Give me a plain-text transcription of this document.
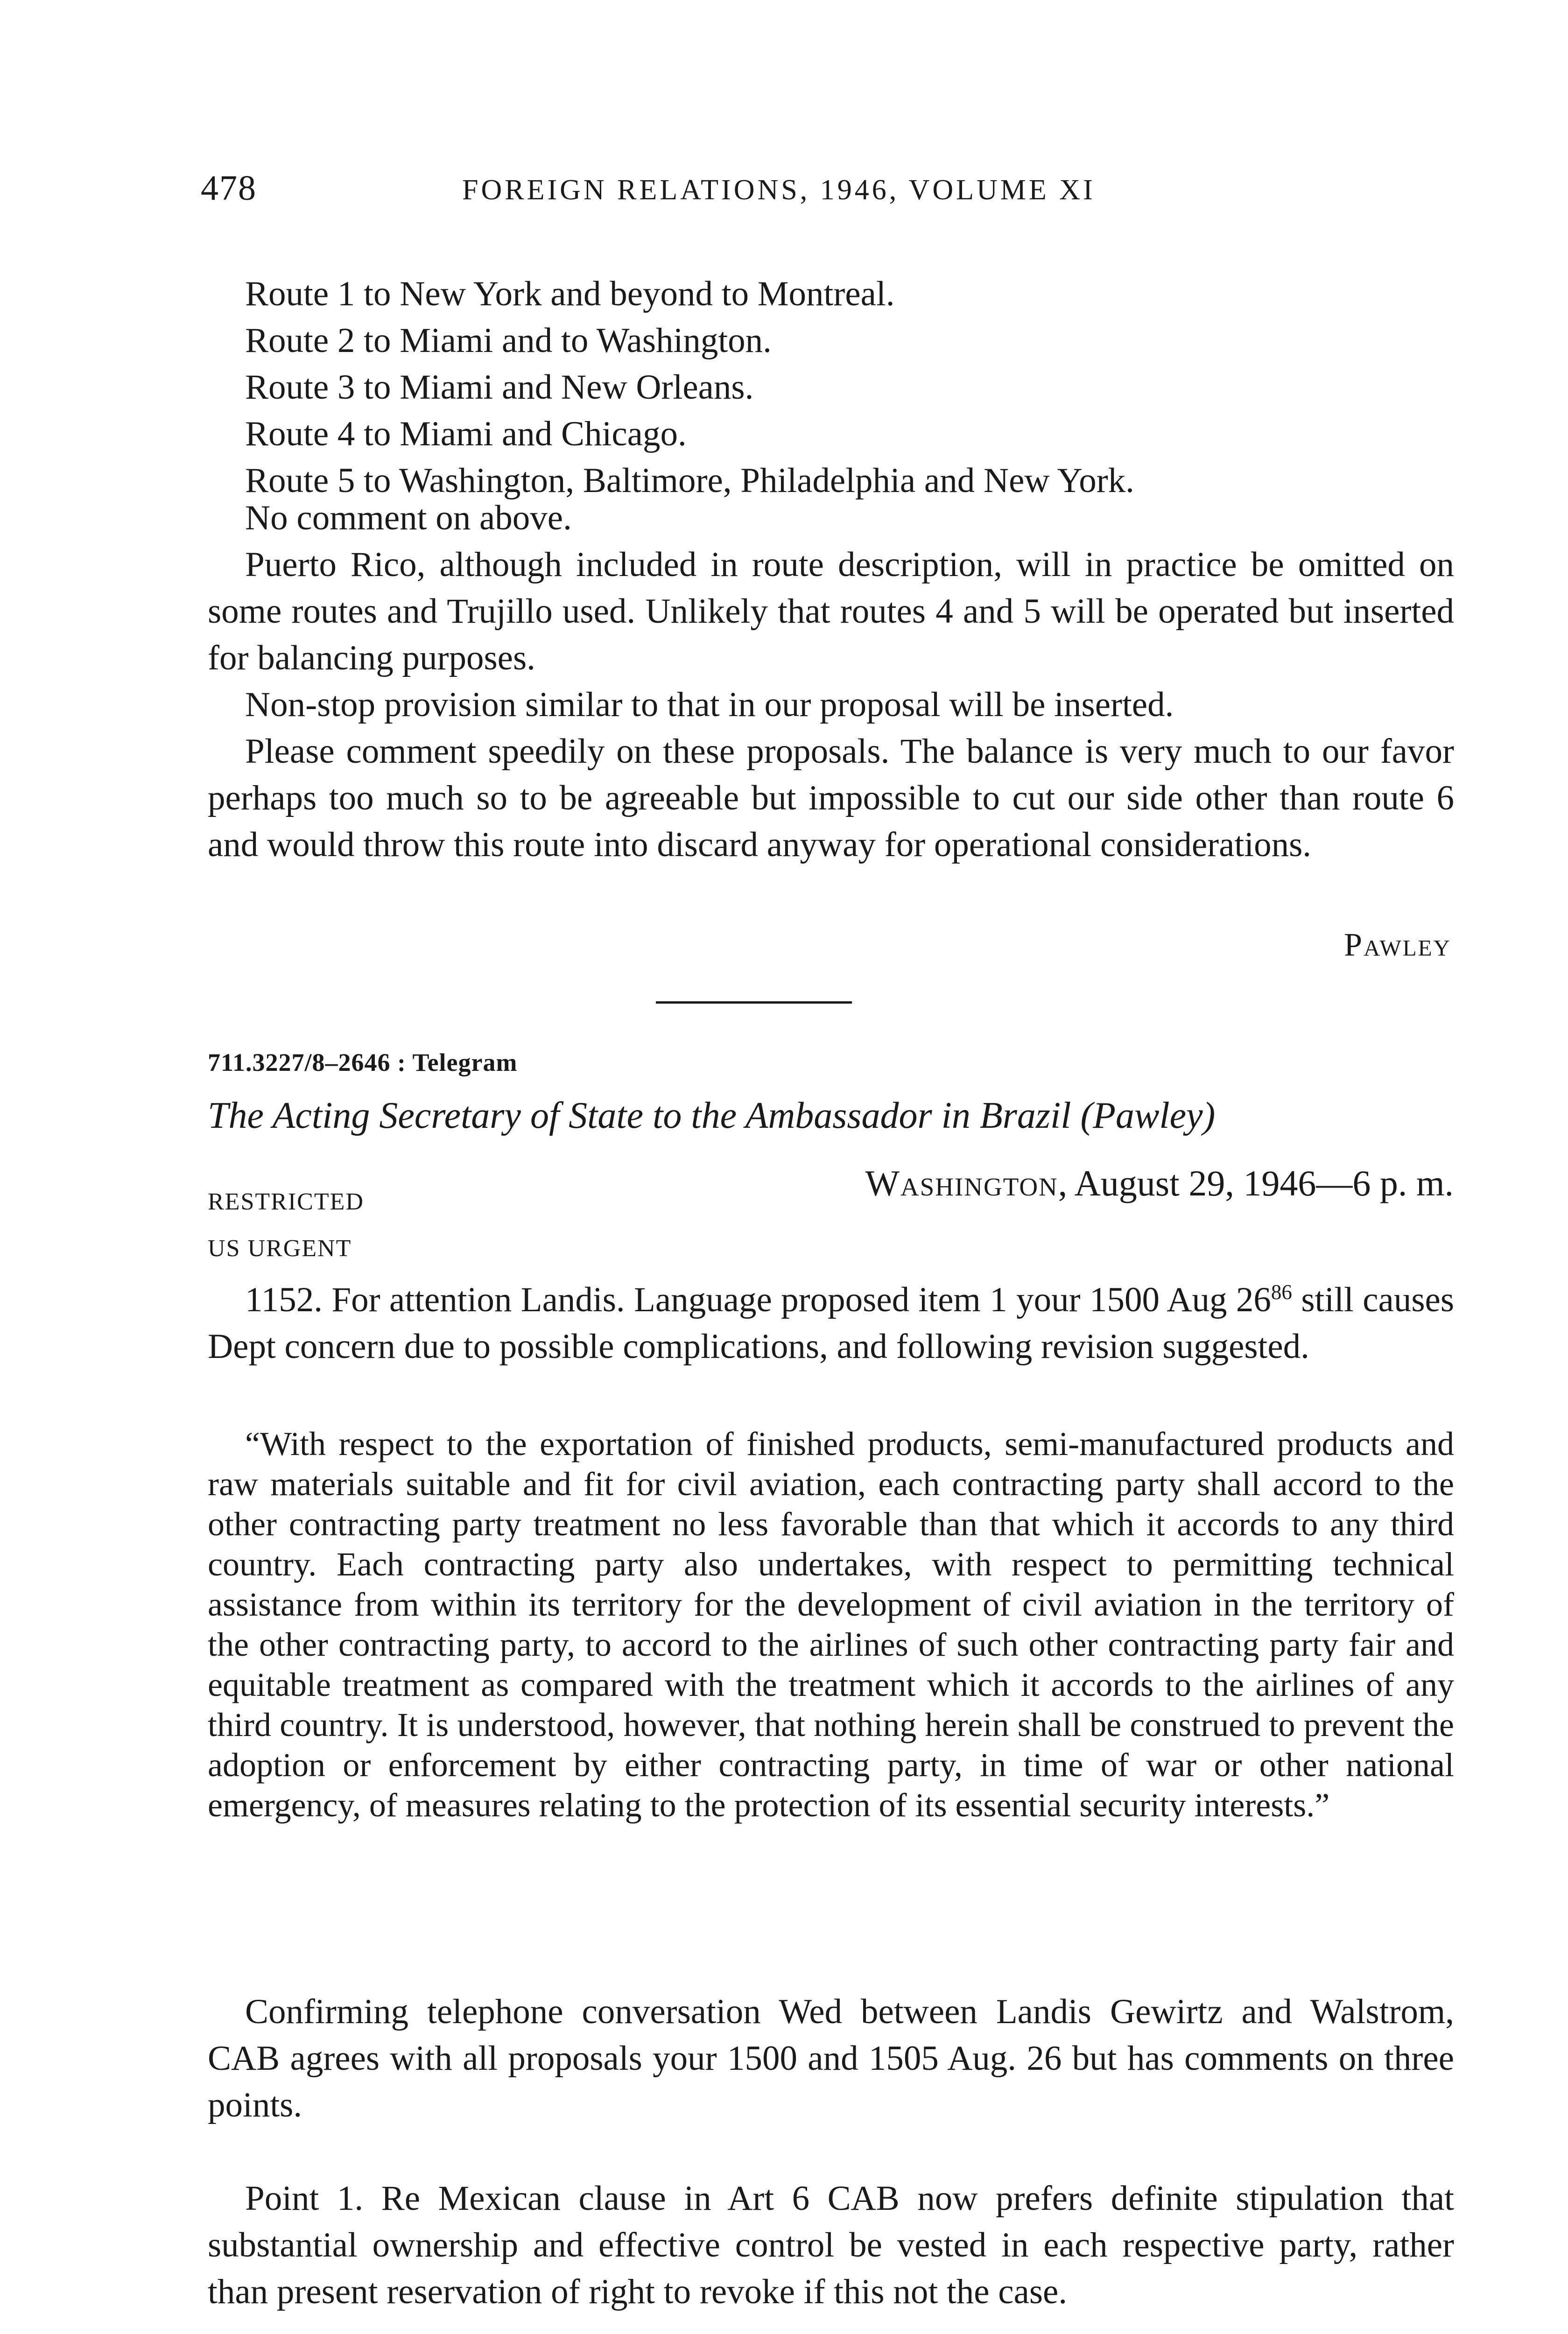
478	FOREIGN RELATIONS, 1946, VOLUME XI
Route 1 to New York and beyond to Montreal.
Route 2 to Miami and to Washington.
Route 3 to Miami and New Orleans.
Route 4 to Miami and Chicago.
Route 5 to Washington, Baltimore, Philadelphia and New York.

No comment on above.

Puerto Rico, although included in route description, will in practice be omitted on some routes and Trujillo used. Unlikely that routes 4 and 5 will be operated but inserted for balancing purposes.

Non-stop provision similar to that in our proposal will be inserted.

Please comment speedily on these proposals. The balance is very much to our favor perhaps too much so to be agreeable but impossible to cut our side other than route 6 and would throw this route into discard anyway for operational considerations.

Pawley
711.3227/8–2646 : Telegram
The Acting Secretary of State to the Ambassador in Brazil (Pawley)
RESTRICTED
US URGENT
Washington, August 29, 1946—6 p. m.

1152. For attention Landis. Language proposed item 1 your 1500 Aug $26^{86}$ still causes Dept concern due to possible complications, and following revision suggested.

“With respect to the exportation of finished products, semi-manufactured products and raw materials suitable and fit for civil aviation, each contracting party shall accord to the other contracting party treatment no less favorable than that which it accords to any third country. Each contracting party also undertakes, with respect to permitting technical assistance from within its territory for the development of civil aviation in the territory of the other contracting party, to accord to the airlines of such other contracting party fair and equitable treatment as compared with the treatment which it accords to the airlines of any third country. It is understood, however, that nothing herein shall be construed to prevent the adoption or enforcement by either contracting party, in time of war or other national emergency, of measures relating to the protection of its essential security interests.”

Confirming telephone conversation Wed between Landis Gewirtz and Walstrom, CAB agrees with all proposals your 1500 and 1505 Aug. 26 but has comments on three points.

Point 1. Re Mexican clause in Art 6 CAB now prefers definite stipulation that substantial ownership and effective control be vested in each respective party, rather than present reservation of right to revoke if this not the case.
